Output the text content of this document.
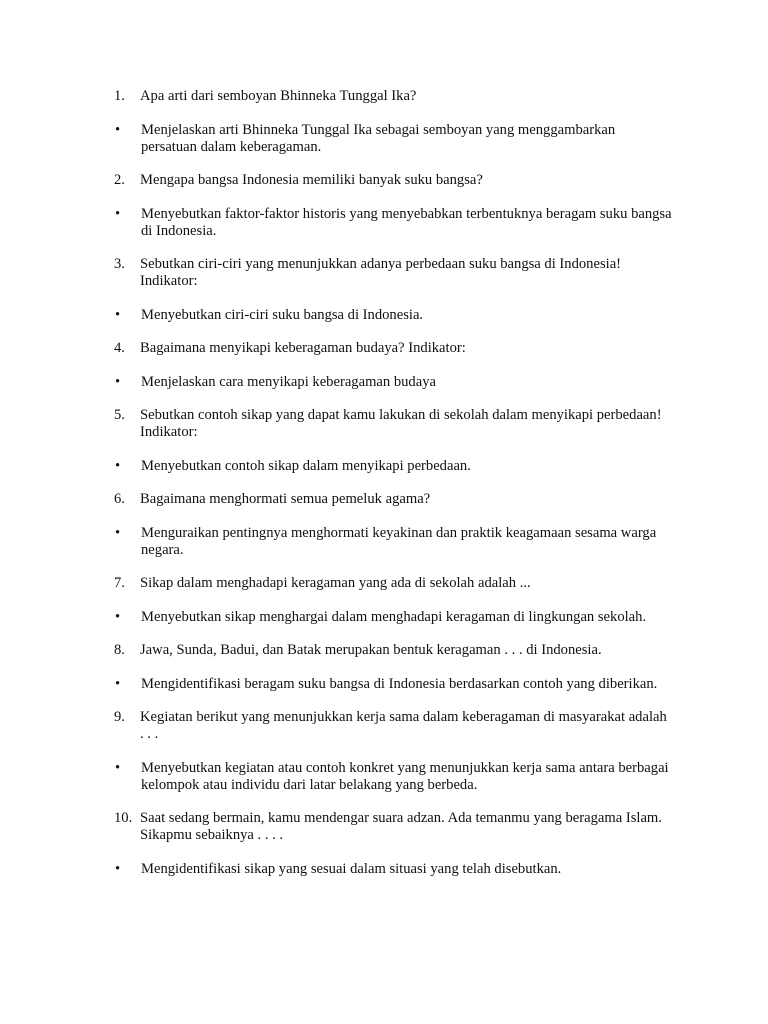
1.	Apa arti dari semboyan Bhinneka Tunggal Ika?
•	Menjelaskan arti Bhinneka Tunggal Ika sebagai semboyan yang menggambarkan persatuan dalam keberagaman.
2.	Mengapa bangsa Indonesia memiliki banyak suku bangsa?
•	Menyebutkan faktor-faktor historis yang menyebabkan terbentuknya beragam suku bangsa di Indonesia.
3.	Sebutkan ciri-ciri yang menunjukkan adanya perbedaan suku bangsa di Indonesia! Indikator:
•	Menyebutkan ciri-ciri suku bangsa di Indonesia.
4.	Bagaimana menyikapi keberagaman budaya? Indikator:
•	Menjelaskan cara menyikapi keberagaman budaya
5.	Sebutkan contoh sikap yang dapat kamu lakukan di sekolah dalam menyikapi perbedaan! Indikator:
•	Menyebutkan contoh sikap dalam menyikapi perbedaan.
6.	Bagaimana menghormati semua pemeluk agama?
•	Menguraikan pentingnya menghormati keyakinan dan praktik keagamaan sesama warga negara.
7.	Sikap dalam menghadapi keragaman yang ada di sekolah adalah ...
•	Menyebutkan sikap menghargai dalam menghadapi keragaman di lingkungan sekolah.
8.	Jawa, Sunda, Badui, dan Batak merupakan bentuk keragaman . . . di Indonesia.
•	Mengidentifikasi beragam suku bangsa di Indonesia berdasarkan contoh yang diberikan.
9.	Kegiatan berikut yang menunjukkan kerja sama dalam keberagaman di masyarakat adalah . . .
•	Menyebutkan kegiatan atau contoh konkret yang menunjukkan kerja sama antara berbagai kelompok atau individu dari latar belakang yang berbeda.
10. Saat sedang bermain, kamu mendengar suara adzan. Ada temanmu yang beragama Islam. Sikapmu sebaiknya . . . .
•	Mengidentifikasi sikap yang sesuai dalam situasi yang telah disebutkan.
